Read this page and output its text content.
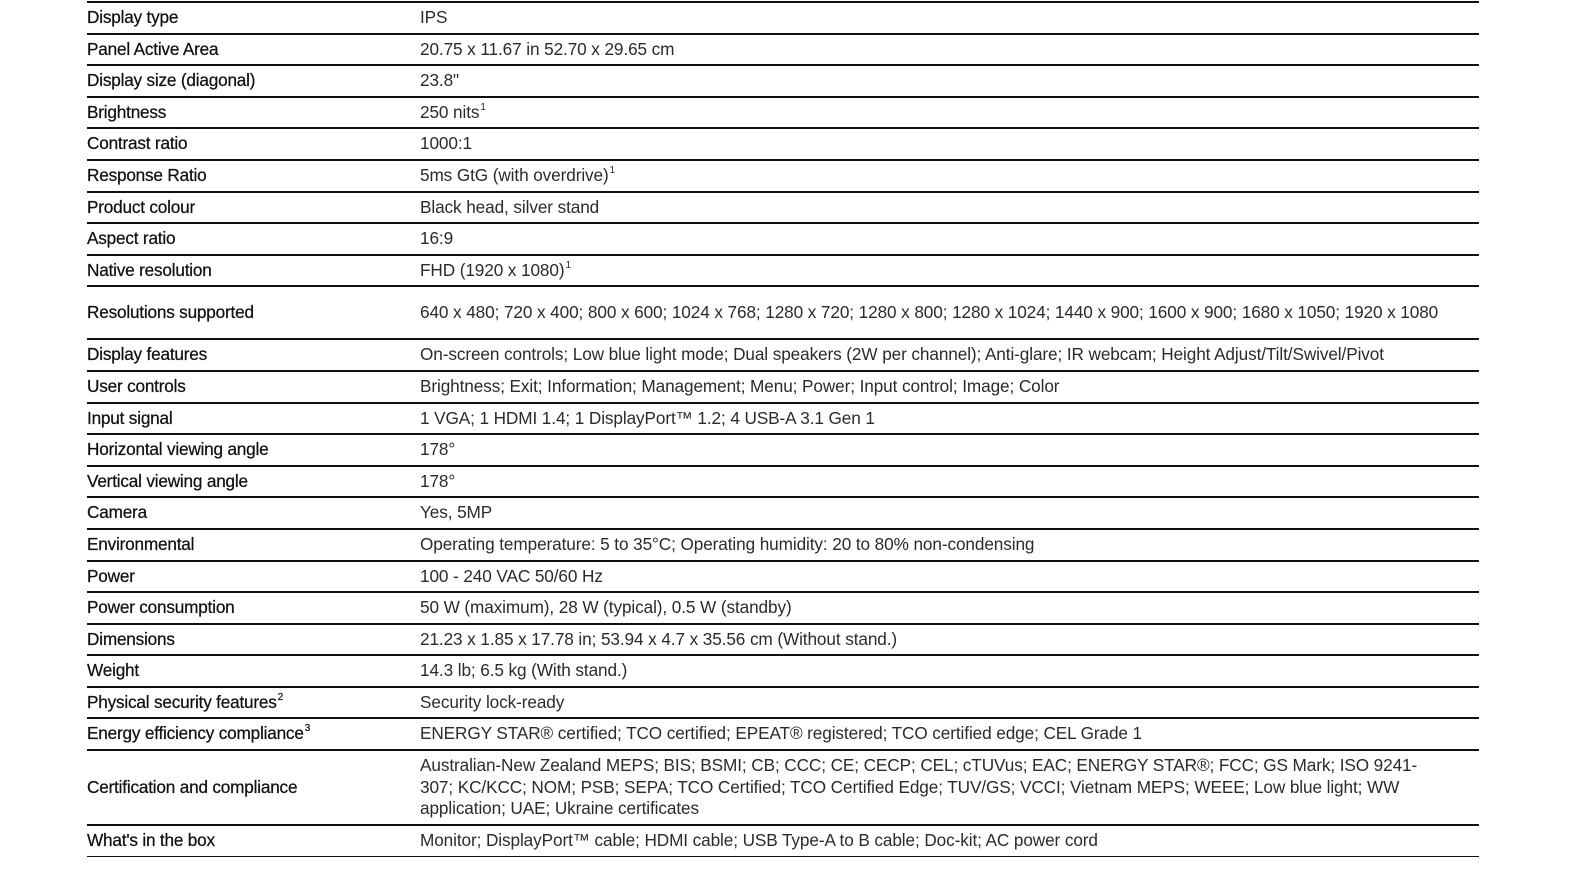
Display type	IPS
Panel Active Area	20.75 x 11.67 in 52.70 x 29.65 cm
Display size (diagonal)	23.8"
Brightness	250 nits$^1$
Contrast ratio	1000:1
Response Ratio	5ms GtG (with overdrive)$^1$
Product colour	Black head, silver stand
Aspect ratio	16:9
Native resolution	FHD (1920 x 1080)$^1$
Resolutions supported	640 x 480; 720 x 400; 800 x 600; 1024 x 768; 1280 x 720; 1280 x 800; 1280 x 1024; 1440 x 900; 1600 x 900; 1680 x 1050; 1920 x 1080
Display features	On-screen controls; Low blue light mode; Dual speakers (2W per channel); Anti-glare; IR webcam; Height Adjust/Tilt/Swivel/Pivot
User controls	Brightness; Exit; Information; Management; Menu; Power; Input control; Image; Color
Input signal	1 VGA; 1 HDMI 1.4; 1 DisplayPort™ 1.2; 4 USB-A 3.1 Gen 1
Horizontal viewing angle	178°
Vertical viewing angle	178°
Camera	Yes, 5MP
Environmental	Operating temperature: 5 to 35°C; Operating humidity: 20 to 80% non-condensing
Power	100 - 240 VAC 50/60 Hz
Power consumption	50 W (maximum), 28 W (typical), 0.5 W (standby)
Dimensions	21.23 x 1.85 x 17.78 in; 53.94 x 4.7 x 35.56 cm (Without stand.)
Weight	14.3 lb; 6.5 kg (With stand.)
Physical security features$^2$	Security lock-ready
Energy efficiency compliance$^3$	ENERGY STAR® certified; TCO certified; EPEAT® registered; TCO certified edge; CEL Grade 1
Certification and compliance	Australian-New Zealand MEPS; BIS; BSMI; CB; CCC; CE; CECP; CEL; cTUVus; EAC; ENERGY STAR®; FCC; GS Mark; ISO 9241-307; KC/KCC; NOM; PSB; SEPA; TCO Certified; TCO Certified Edge; TUV/GS; VCCI; Vietnam MEPS; WEEE; Low blue light; WW application; UAE; Ukraine certificates
What's in the box	Monitor; DisplayPort™ cable; HDMI cable; USB Type-A to B cable; Doc-kit; AC power cord
